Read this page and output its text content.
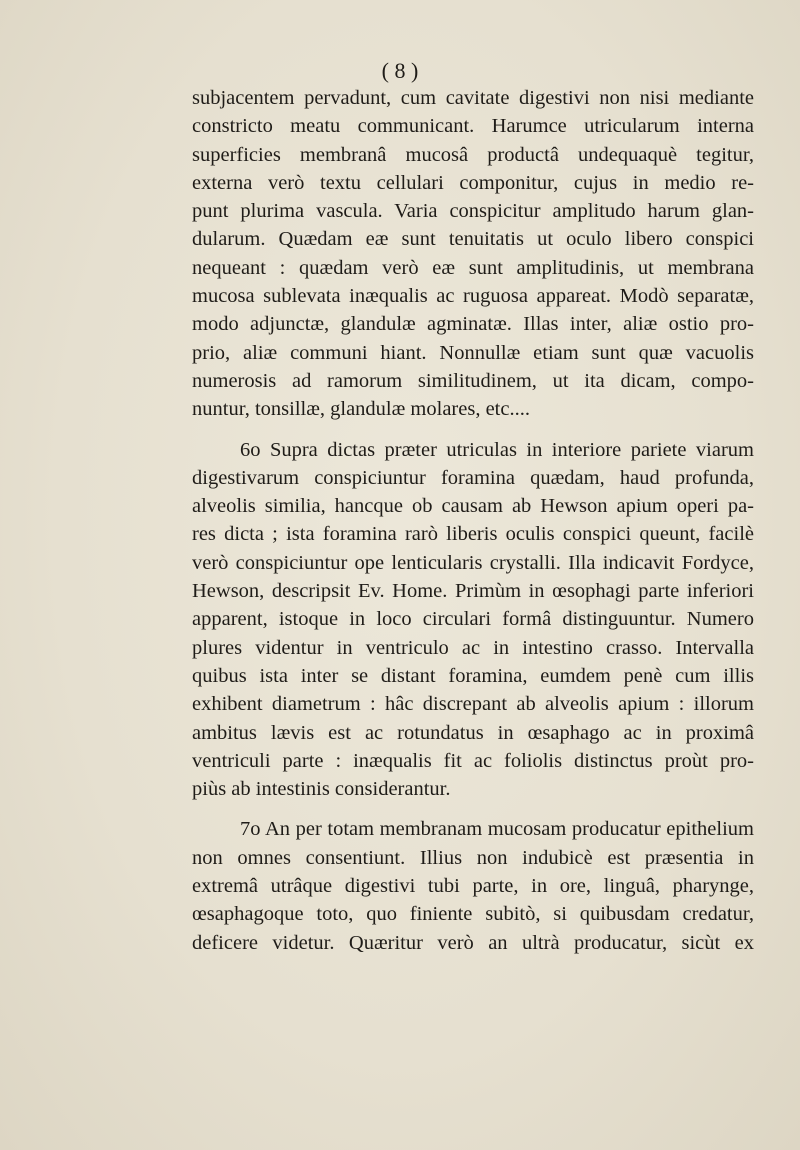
( 8 )
subjacentem pervadunt, cum cavitate digestivi non nisi mediante
constricto meatu communicant. Harumce utricularum interna
superficies membranâ mucosâ productâ undequaquè tegitur,
externa verò textu cellulari componitur, cujus in medio re-
punt plurima vascula. Varia conspicitur amplitudo harum glan-
dularum. Quædam eæ sunt tenuitatis ut oculo libero conspici
nequeant : quædam verò eæ sunt amplitudinis, ut membrana
mucosa sublevata inæqualis ac ruguosa appareat. Modò separatæ,
modo adjunctæ, glandulæ agminatæ. Illas inter, aliæ ostio pro-
prio, aliæ communi hiant. Nonnullæ etiam sunt quæ vacuolis
numerosis ad ramorum similitudinem, ut ita dicam, compo-
nuntur, tonsillæ, glandulæ molares, etc....
6o Supra dictas præter utriculas in interiore pariete viarum
digestivarum conspiciuntur foramina quædam, haud profunda,
alveolis similia, hancque ob causam ab Hewson apium operi pa-
res dicta ; ista foramina rarò liberis oculis conspici queunt, facilè
verò conspiciuntur ope lenticularis crystalli. Illa indicavit Fordyce,
Hewson, descripsit Ev. Home. Primùm in œsophagi parte inferiori
apparent, istoque in loco circulari formâ distinguuntur. Numero
plures videntur in ventriculo ac in intestino crasso. Intervalla
quibus ista inter se distant foramina, eumdem penè cum illis
exhibent diametrum : hâc discrepant ab alveolis apium : illorum
ambitus lævis est ac rotundatus in œsaphago ac in proximâ
ventriculi parte : inæqualis fit ac foliolis distinctus proùt pro-
piùs ab intestinis considerantur.
7o An per totam membranam mucosam producatur epithelium
non omnes consentiunt. Illius non indubicè est præsentia in
extremâ utrâque digestivi tubi parte, in ore, linguâ, pharynge,
œsaphagoque toto, quo finiente subitò, si quibusdam credatur,
deficere videtur. Quæritur verò an ultrà producatur, sicùt ex
